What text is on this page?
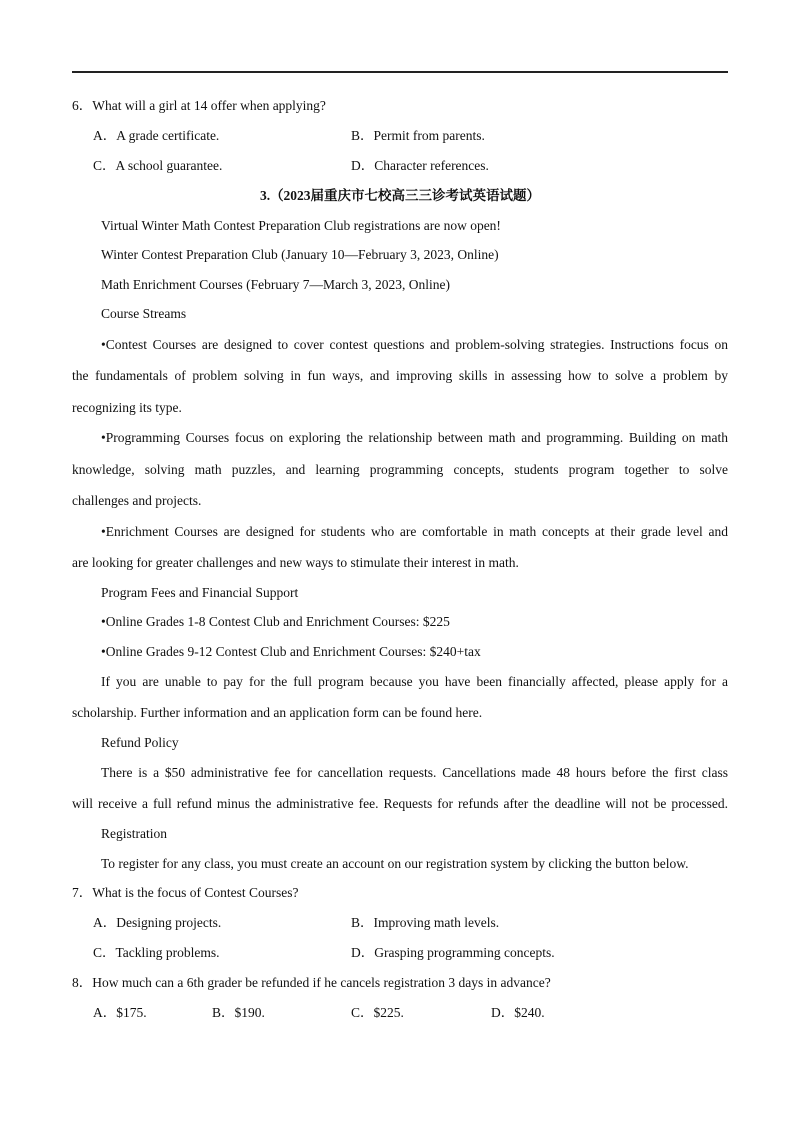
6．What will a girl at 14 offer when applying?
A．A grade certificate.	B．Permit from parents.
C．A school guarantee.	D．Character references.
3.（2023届重庆市七校高三三诊考试英语试题）
Virtual Winter Math Contest Preparation Club registrations are now open!
Winter Contest Preparation Club (January 10—February 3, 2023, Online)
Math Enrichment Courses (February 7—March 3, 2023, Online)
Course Streams
•Contest Courses are designed to cover contest questions and problem-solving strategies. Instructions focus on
the fundamentals of problem solving in fun ways, and improving skills in assessing how to solve a problem by
recognizing its type.
•Programming Courses focus on exploring the relationship between math and programming. Building on math
knowledge, solving math puzzles, and learning programming concepts, students program together to solve
challenges and projects.
•Enrichment Courses are designed for students who are comfortable in math concepts at their grade level and
are looking for greater challenges and new ways to stimulate their interest in math.
Program Fees and Financial Support
•Online Grades 1-8 Contest Club and Enrichment Courses: $225
•Online Grades 9-12 Contest Club and Enrichment Courses: $240+tax
If you are unable to pay for the full program because you have been financially affected, please apply for a
scholarship. Further information and an application form can be found here.
Refund Policy
There is a $50 administrative fee for cancellation requests. Cancellations made 48 hours before the first class
will receive a full refund minus the administrative fee. Requests for refunds after the deadline will not be processed.
Registration
To register for any class, you must create an account on our registration system by clicking the button below.
7．What is the focus of Contest Courses?
A．Designing projects.	B．Improving math levels.
C．Tackling problems.	D．Grasping programming concepts.
8．How much can a 6th grader be refunded if he cancels registration 3 days in advance?
A．$175.	B．$190.	C．$225.	D．$240.
